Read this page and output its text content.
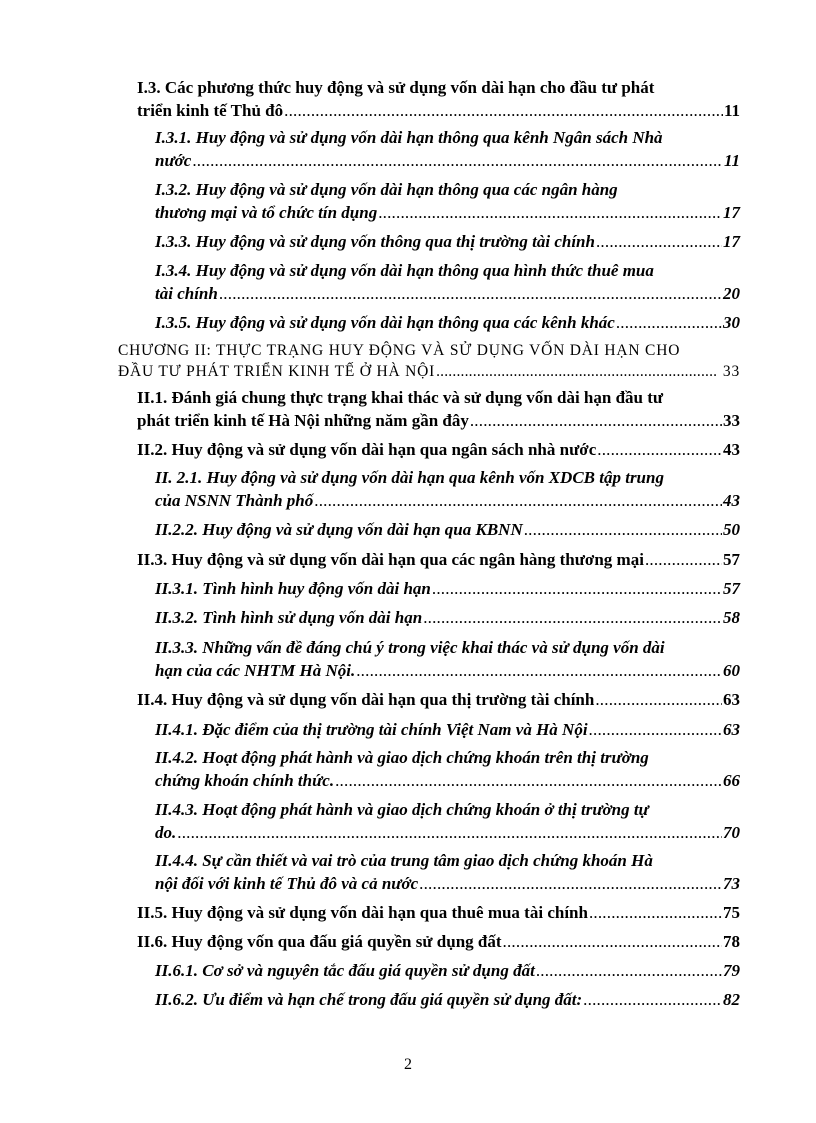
I.3. Các phương thức huy động và sử dụng vốn dài hạn cho đầu tư phát
triển kinh tế Thủ đô .....	11
I.3.1. Huy động và sử dụng vốn dài hạn thông qua kênh Ngân sách Nhà
nước .....	11
I.3.2. Huy động và sử dụng vốn dài hạn thông qua các ngân hàng
thương mại và tổ chức tín dụng .....	17
I.3.3. Huy động và sử dụng vốn thông qua thị trường tài chính .....	17
I.3.4. Huy động và sử dụng vốn dài hạn thông qua hình thức thuê mua
tài chính .....	20
I.3.5. Huy động và sử dụng vốn dài hạn thông qua các kênh khác .....	30
CHƯƠNG II: THỰC TRẠNG HUY ĐỘNG VÀ SỬ DỤNG VỐN DÀI HẠN CHO
ĐẦU TƯ PHÁT TRIỂN KINH TẾ Ở HÀ NỘI .....	33
II.1. Đánh giá chung thực trạng khai thác và sử dụng vốn dài hạn đầu tư
phát triển kinh tế Hà Nội những năm gần đây .....	33
II.2. Huy động và sử dụng vốn dài hạn qua ngân sách nhà nước .....	43
II. 2.1. Huy động và sử dụng vốn dài hạn qua kênh vốn XDCB tập trung
của NSNN Thành phố .....	43
II.2.2. Huy động và sử dụng vốn dài hạn qua KBNN .....	50
II.3. Huy động và sử dụng vốn dài hạn qua các ngân hàng thương mại .....	57
II.3.1. Tình hình huy động vốn dài hạn .....	57
II.3.2. Tình hình sử dụng vốn dài hạn .....	58
II.3.3. Những vấn đề đáng chú ý trong việc khai thác và sử dụng vốn dài
hạn của các NHTM Hà Nội. .....	60
II.4. Huy động và sử dụng vốn dài hạn qua thị trường tài chính .....	63
II.4.1. Đặc điểm của thị trường tài chính Việt Nam và Hà Nội .....	63
II.4.2. Hoạt động phát hành và giao dịch chứng khoán trên thị trường
chứng khoán chính thức. .....	66
II.4.3. Hoạt động phát hành và giao dịch chứng khoán ở thị trường tự
do. .....	70
II.4.4. Sự cần thiết và vai trò của trung tâm giao dịch chứng khoán Hà
nội đối với kinh tế Thủ đô và cả nước .....	73
II.5. Huy động và sử dụng vốn dài hạn qua thuê mua tài chính .....	75
II.6. Huy động vốn qua đấu giá quyền sử dụng đất .....	78
II.6.1. Cơ sở và nguyên tắc đấu giá quyền sử dụng đất .....	79
II.6.2. Ưu điểm và hạn chế trong đấu giá quyền sử dụng đất: .....	82
2
